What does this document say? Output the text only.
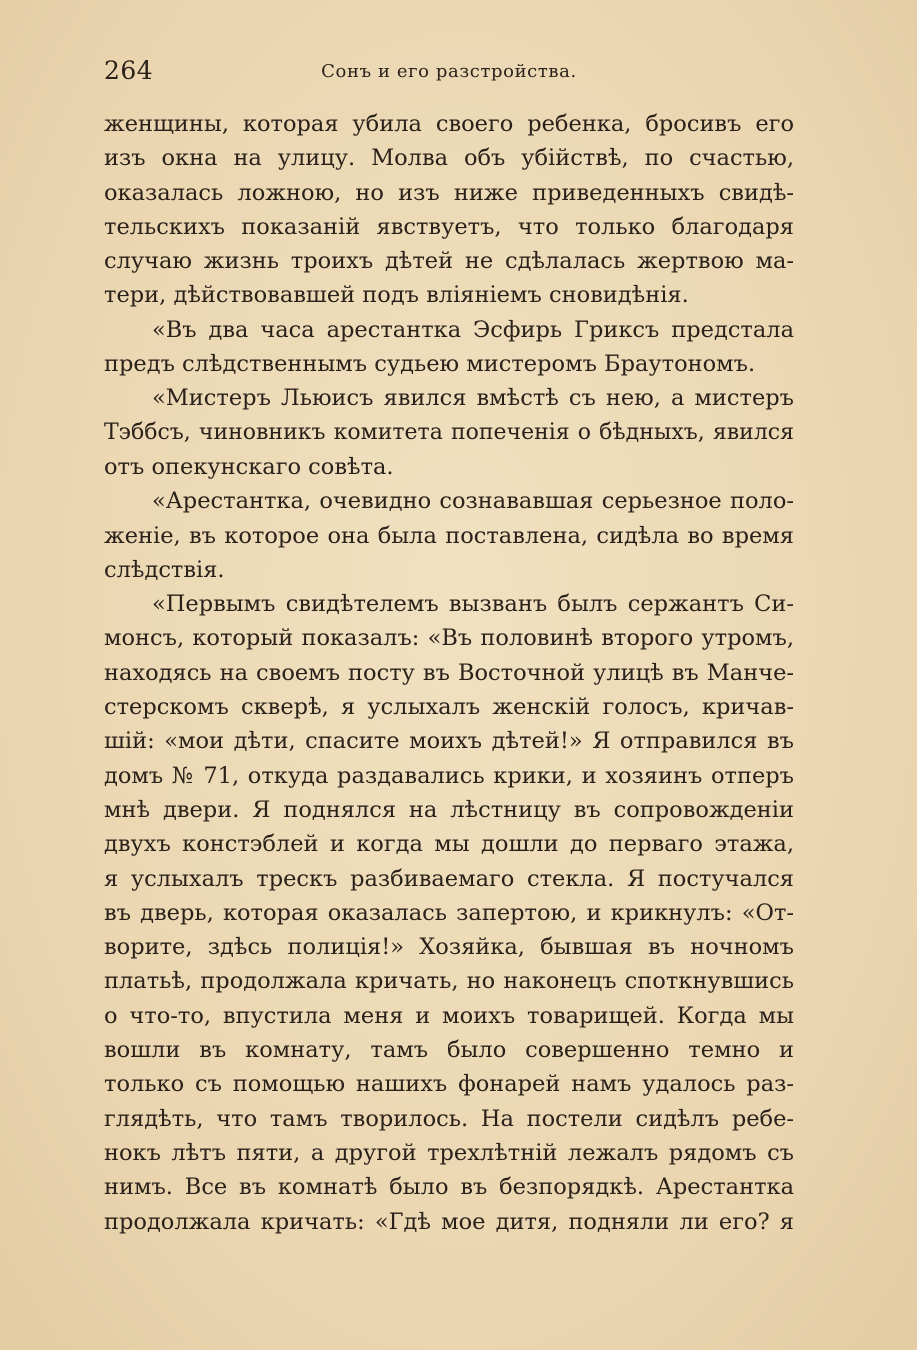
264	Сонъ и его разстройства.
женщины, которая убила своего ребенка, бросивъ его
изъ окна на улицу. Молва объ убійствѣ, по счастью,
оказалась ложною, но изъ ниже приведенныхъ свидѣ-
тельскихъ показаній явствуетъ, что только благодаря
случаю жизнь троихъ дѣтей не сдѣлалась жертвою ма-
тери, дѣйствовавшей подъ вліяніемъ сновидѣнія.
«Въ два часа арестантка Эсфирь Гриксъ предстала
предъ слѣдственнымъ судьею мистеромъ Браутономъ.
«Мистеръ Льюисъ явился вмѣстѣ съ нею, а мистеръ
Тэббсъ, чиновникъ комитета попеченія о бѣдныхъ, явился
отъ опекунскаго совѣта.
«Арестантка, очевидно сознававшая серьезное поло-
женіе, въ которое она была поставлена, сидѣла во время
слѣдствія.
«Первымъ свидѣтелемъ вызванъ былъ сержантъ Си-
монсъ, который показалъ: «Въ половинѣ второго утромъ,
находясь на своемъ посту въ Восточной улицѣ въ Манче-
стерскомъ скверѣ, я услыхалъ женскій голосъ, кричав-
шій: «мои дѣти, спасите моихъ дѣтей!» Я отправился въ
домъ № 71, откуда раздавались крики, и хозяинъ отперъ
мнѣ двери. Я поднялся на лѣстницу въ сопровожденіи
двухъ констэблей и когда мы дошли до перваго этажа,
я услыхалъ трескъ разбиваемаго стекла. Я постучался
въ дверь, которая оказалась запертою, и крикнулъ: «От-
ворите, здѣсь полиція!» Хозяйка, бывшая въ ночномъ
платьѣ, продолжала кричать, но наконецъ споткнувшись
о что-то, впустила меня и моихъ товарищей. Когда мы
вошли въ комнату, тамъ было совершенно темно и
только съ помощью нашихъ фонарей намъ удалось раз-
глядѣть, что тамъ творилось. На постели сидѣлъ ребе-
нокъ лѣтъ пяти, а другой трехлѣтній лежалъ рядомъ съ
нимъ. Все въ комнатѣ было въ безпорядкѣ. Арестантка
продолжала кричать: «Гдѣ мое дитя, подняли ли его? я
